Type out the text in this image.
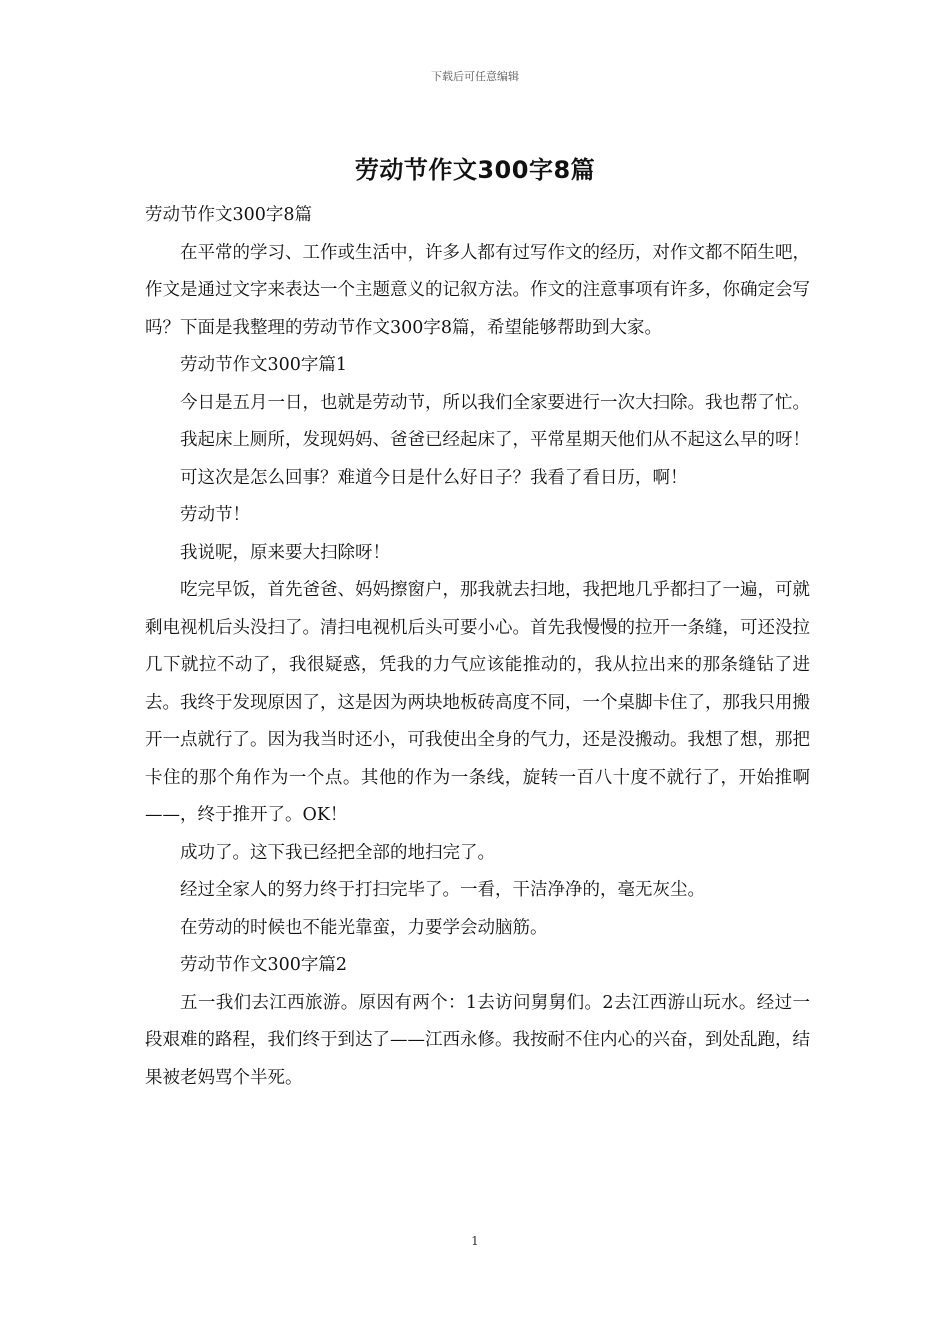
下载后可任意编辑
劳动节作文300字8篇

劳动节作文300字8篇

在平常的学习、工作或生活中，许多人都有过写作文的经历，对作文都不陌生吧，作文是通过文字来表达一个主题意义的记叙方法。作文的注意事项有许多，你确定会写吗？下面是我整理的劳动节作文300字8篇，希望能够帮助到大家。

劳动节作文300字篇1

今日是五月一日，也就是劳动节，所以我们全家要进行一次大扫除。我也帮了忙。

我起床上厕所，发现妈妈、爸爸已经起床了，平常星期天他们从不起这么早的呀！

可这次是怎么回事？难道今日是什么好日子？我看了看日历，啊！

劳动节！

我说呢，原来要大扫除呀！

吃完早饭，首先爸爸、妈妈擦窗户，那我就去扫地，我把地几乎都扫了一遍，可就剩电视机后头没扫了。清扫电视机后头可要小心。首先我慢慢的拉开一条缝，可还没拉几下就拉不动了，我很疑惑，凭我的力气应该能推动的，我从拉出来的那条缝钻了进去。我终于发现原因了，这是因为两块地板砖高度不同，一个桌脚卡住了，那我只用搬开一点就行了。因为我当时还小，可我使出全身的气力，还是没搬动。我想了想，那把卡住的那个角作为一个点。其他的作为一条线，旋转一百八十度不就行了，开始推啊——，终于推开了。OK！

成功了。这下我已经把全部的地扫完了。

经过全家人的努力终于打扫完毕了。一看，干洁净净的，毫无灰尘。

在劳动的时候也不能光靠蛮，力要学会动脑筋。

劳动节作文300字篇2

五一我们去江西旅游。原因有两个：1去访问舅舅们。2去江西游山玩水。经过一段艰难的路程，我们终于到达了——江西永修。我按耐不住内心的兴奋，到处乱跑，结果被老妈骂个半死。

1
